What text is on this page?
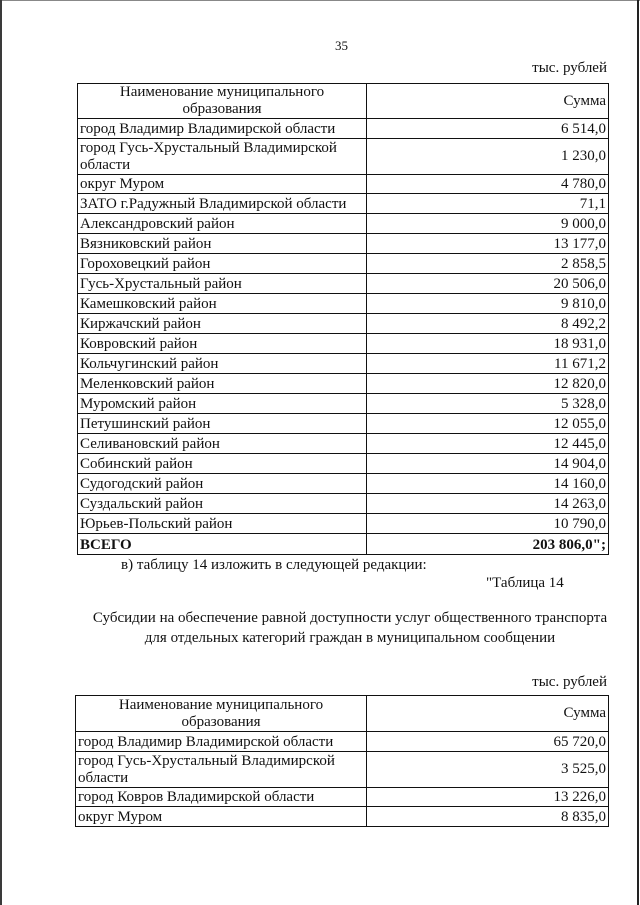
35
тыс. рублей
Наименование муниципального образования	Сумма
город Владимир Владимирской области	6 514,0
город Гусь-Хрустальный Владимирской области	1 230,0
округ Муром	4 780,0
ЗАТО г.Радужный Владимирской области	71,1
Александровский район	9 000,0
Вязниковский район	13 177,0
Гороховецкий район	2 858,5
Гусь-Хрустальный район	20 506,0
Камешковский район	9 810,0
Киржачский район	8 492,2
Ковровский район	18 931,0
Кольчугинский район	11 671,2
Меленковский район	12 820,0
Муромский район	5 328,0
Петушинский район	12 055,0
Селивановский район	12 445,0
Собинский район	14 904,0
Судогодский район	14 160,0
Суздальский район	14 263,0
Юрьев-Польский район	10 790,0
ВСЕГО	203 806,0";
в) таблицу 14 изложить в следующей редакции:
"Таблица 14
Субсидии на обеспечение равной доступности услуг общественного транспорта
для отдельных категорий граждан в муниципальном сообщении
тыс. рублей
Наименование муниципального образования	Сумма
город Владимир Владимирской области	65 720,0
город Гусь-Хрустальный Владимирской области	3 525,0
город Ковров Владимирской области	13 226,0
округ Муром	8 835,0
